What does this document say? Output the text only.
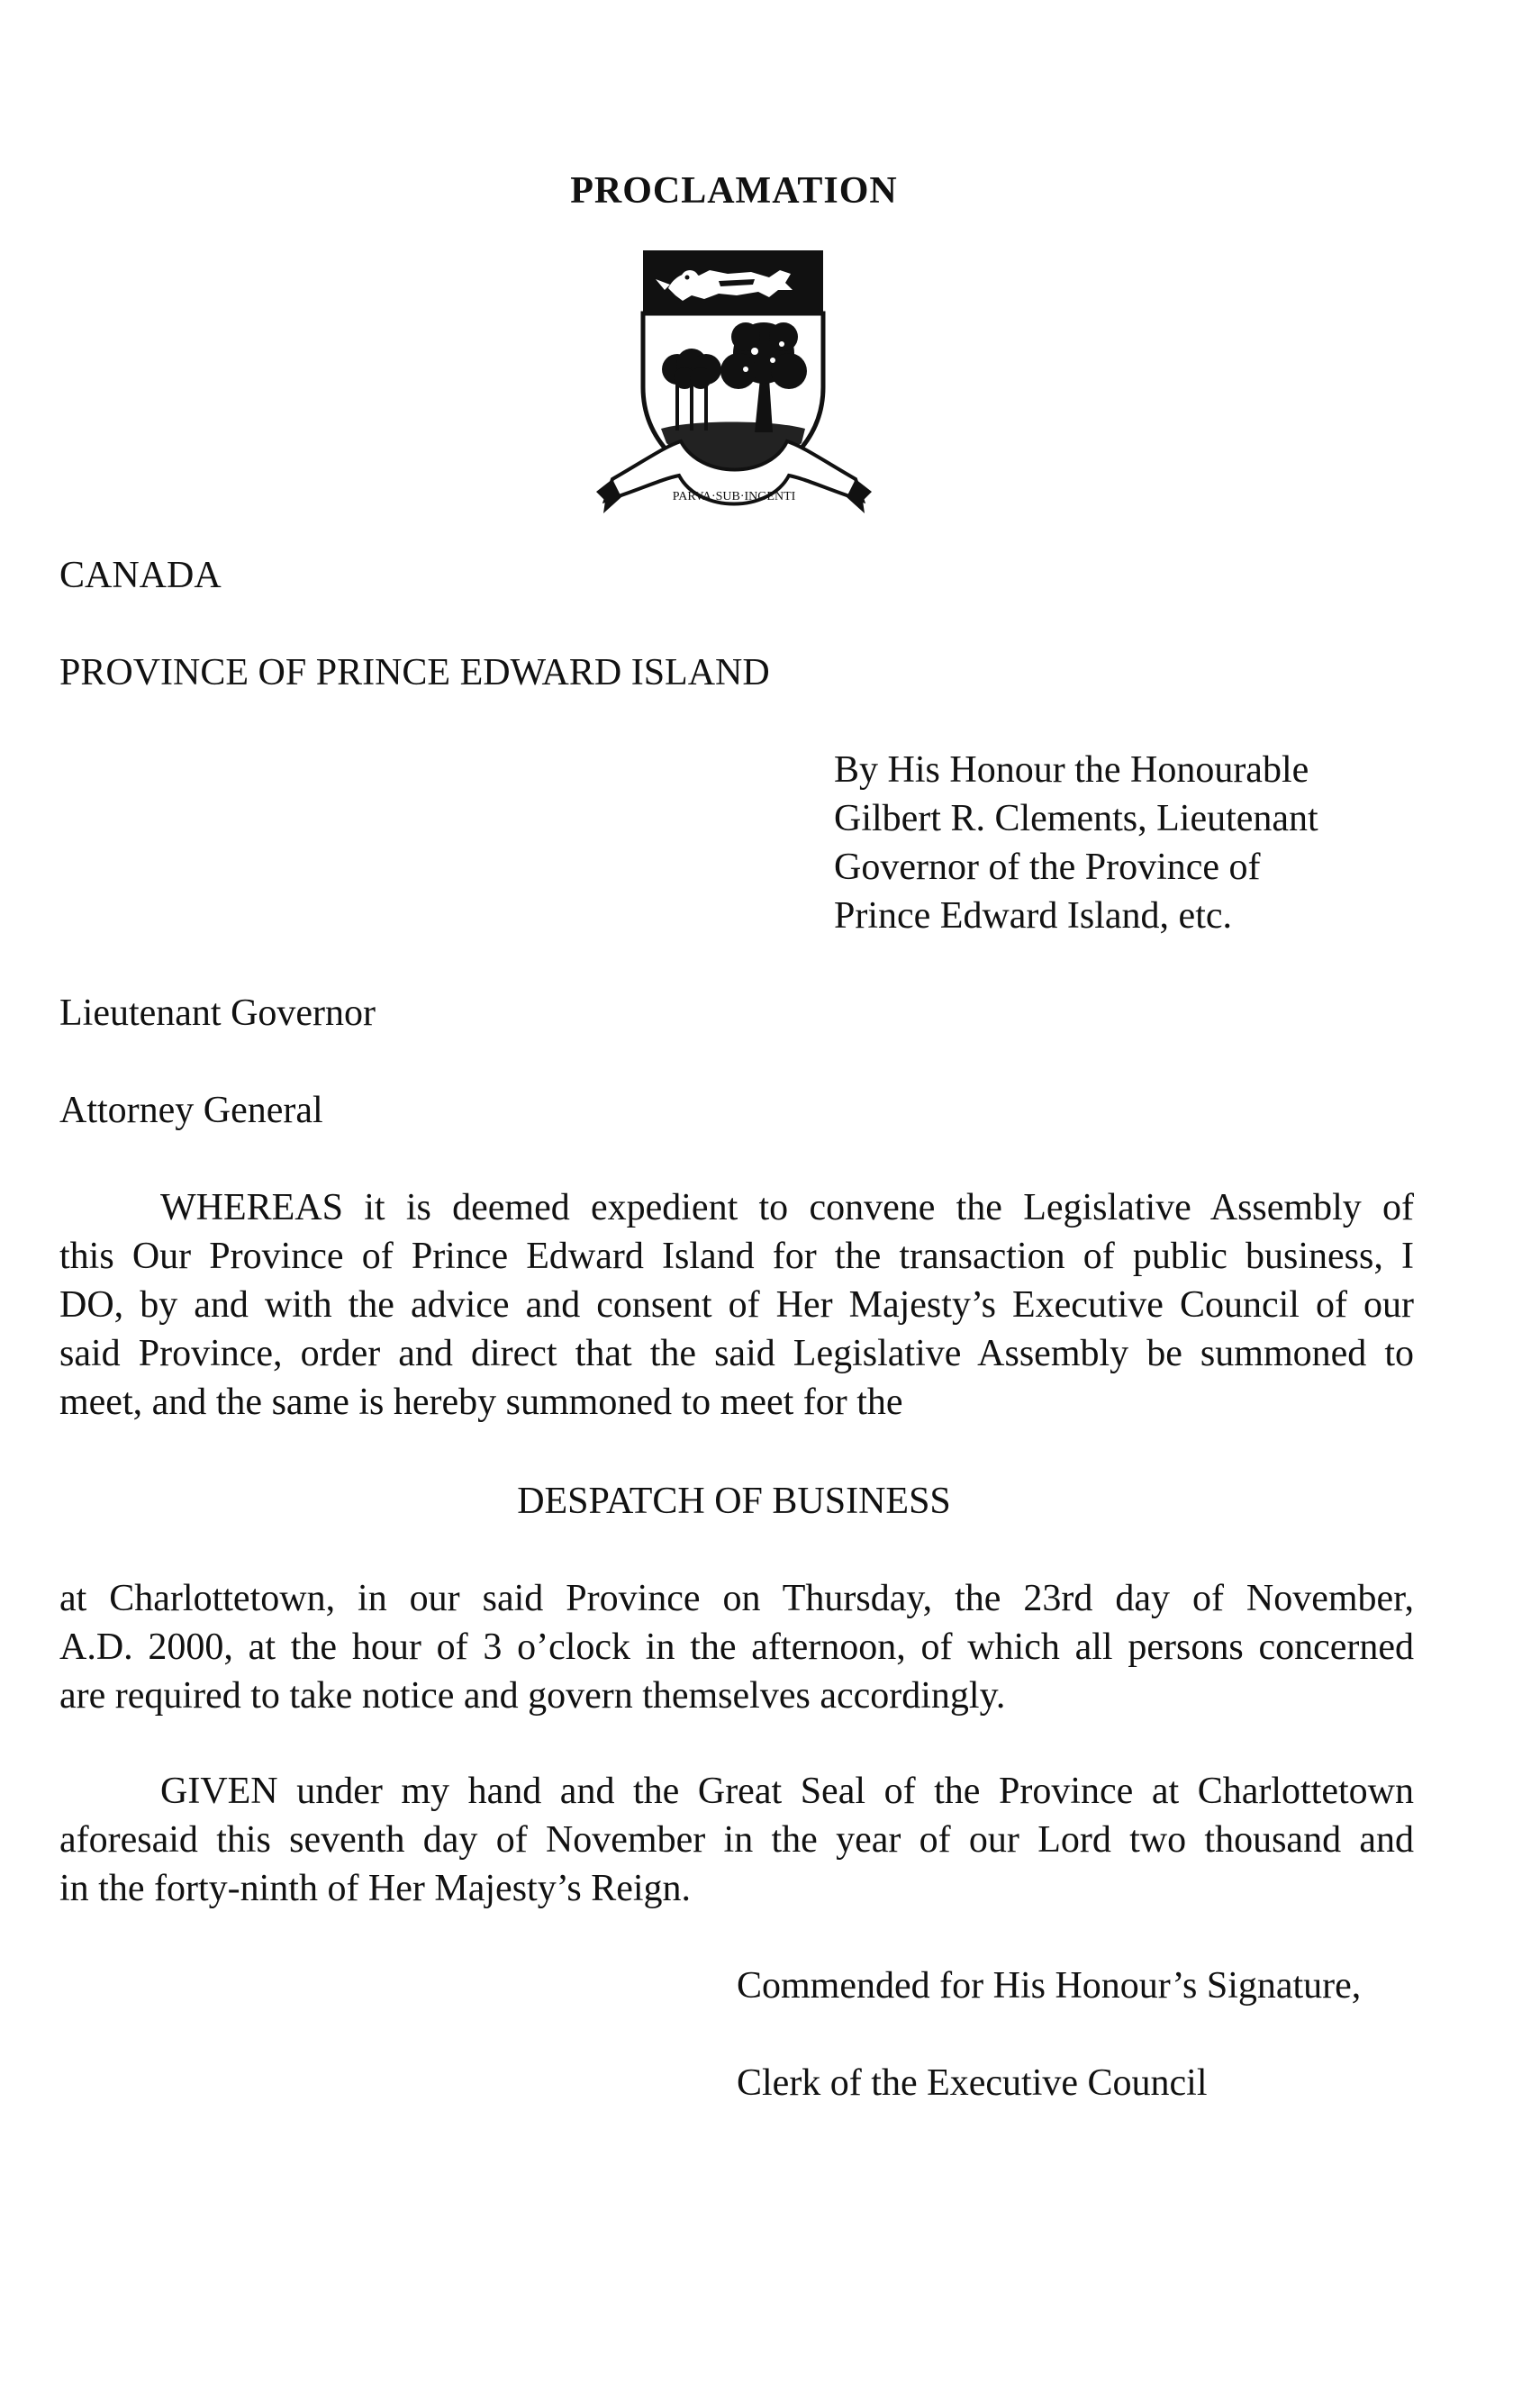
PROCLAMATION
PARVA·SUB·INGENTI
CANADA
PROVINCE OF PRINCE EDWARD ISLAND
By His Honour the Honourable
Gilbert R. Clements, Lieutenant
Governor of the Province of
Prince Edward Island, etc.
Lieutenant Governor
Attorney General
WHEREAS it is deemed expedient to convene the Legislative Assembly of
this Our Province of Prince Edward Island for the transaction of public business, I
DO, by and with the advice and consent of Her Majesty’s Executive Council of our
said Province, order and direct that the said Legislative Assembly be summoned to
meet, and the same is hereby summoned to meet for the
DESPATCH OF BUSINESS
at Charlottetown, in our said Province on Thursday, the 23rd day of November,
A.D. 2000, at the hour of 3 o’clock in the afternoon, of which all persons concerned
are required to take notice and govern themselves accordingly.
GIVEN under my hand and the Great Seal of the Province at Charlottetown
aforesaid this seventh day of November in the year of our Lord two thousand and
in the forty-ninth of Her Majesty’s Reign.
Commended for His Honour’s Signature,
Clerk of the Executive Council
